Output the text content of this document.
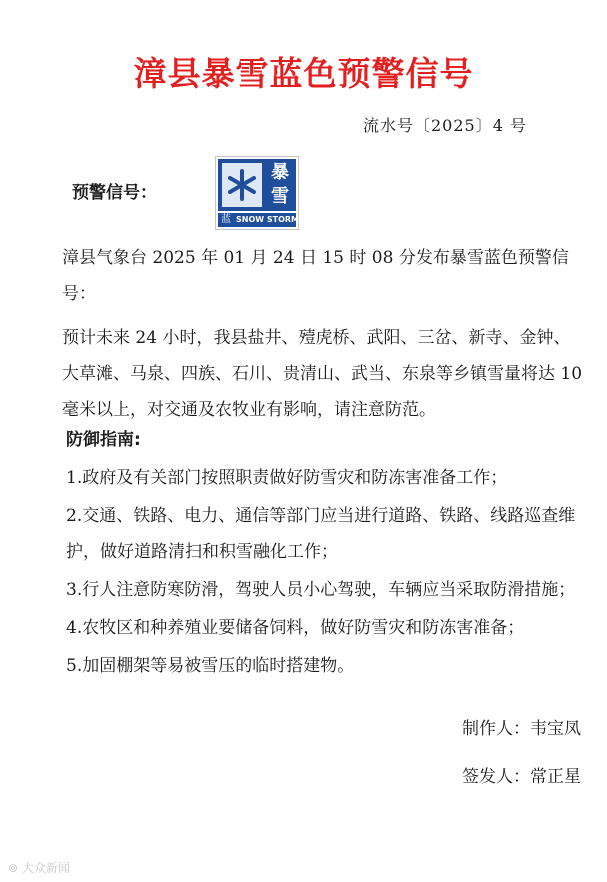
漳县暴雪蓝色预警信号
流水号〔2025〕4 号
预警信号：
暴
雪
蓝 SNOW STORM

漳县气象台 2025 年 01 月 24 日 15 时 08 分发布暴雪蓝色预警信号：

预计未来 24 小时，我县盐井、殪虎桥、武阳、三岔、新寺、金钟、大草滩、马泉、四族、石川、贵清山、武当、东泉等乡镇雪量将达 10 毫米以上，对交通及农牧业有影响，请注意防范。

防御指南:

1.政府及有关部门按照职责做好防雪灾和防冻害准备工作；

2.交通、铁路、电力、通信等部门应当进行道路、铁路、线路巡查维护，做好道路清扫和积雪融化工作；

3.行人注意防寒防滑，驾驶人员小心驾驶，车辆应当采取防滑措施；

4.农牧区和种养殖业要储备饲料，做好防雪灾和防冻害准备；

5.加固棚架等易被雪压的临时搭建物。

制作人：韦宝凤
签发人：常正星
⊚ 大众新闻
